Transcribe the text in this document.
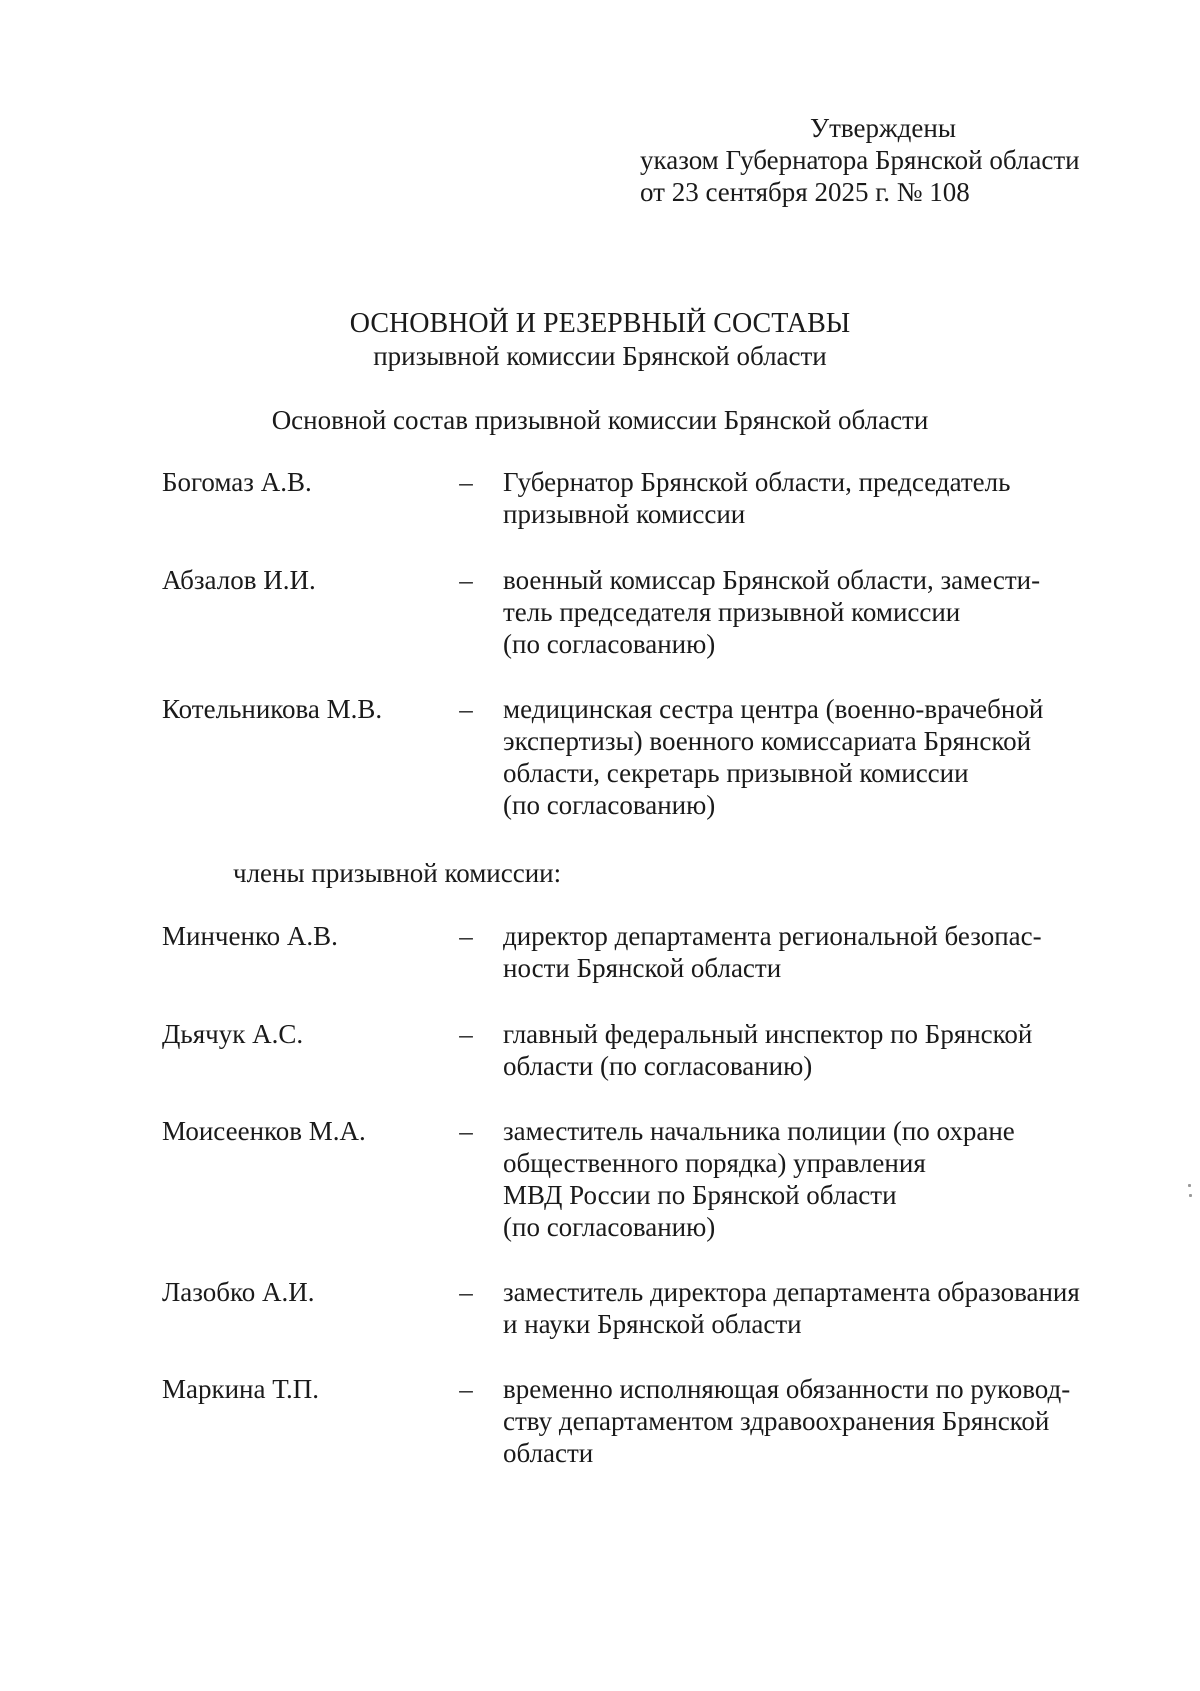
Утверждены
указом Губернатора Брянской области
от 23 сентября 2025 г. № 108
ОСНОВНОЙ И РЕЗЕРВНЫЙ СОСТАВЫ
призывной комиссии Брянской области
Основной состав призывной комиссии Брянской области
Богомаз А.В.	– Губернатор Брянской области, председатель
призывной комиссии
Абзалов И.И.	– военный комиссар Брянской области, замести-
тель председателя призывной комиссии
(по согласованию)
Котельникова М.В.	– медицинская сестра центра (военно-врачебной
экспертизы) военного комиссариата Брянской
области, секретарь призывной комиссии
(по согласованию)
члены призывной комиссии:
Минченко А.В.	– директор департамента региональной безопас-
ности Брянской области
Дьячук А.С.	– главный федеральный инспектор по Брянской
области (по согласованию)
Моисеенков М.А.	– заместитель начальника полиции (по охране
общественного порядка) управления
МВД России по Брянской области
(по согласованию)
Лазобко А.И.	– заместитель директора департамента образования
и науки Брянской области
Маркина Т.П.	– временно исполняющая обязанности по руковод-
ству департаментом здравоохранения Брянской
области
